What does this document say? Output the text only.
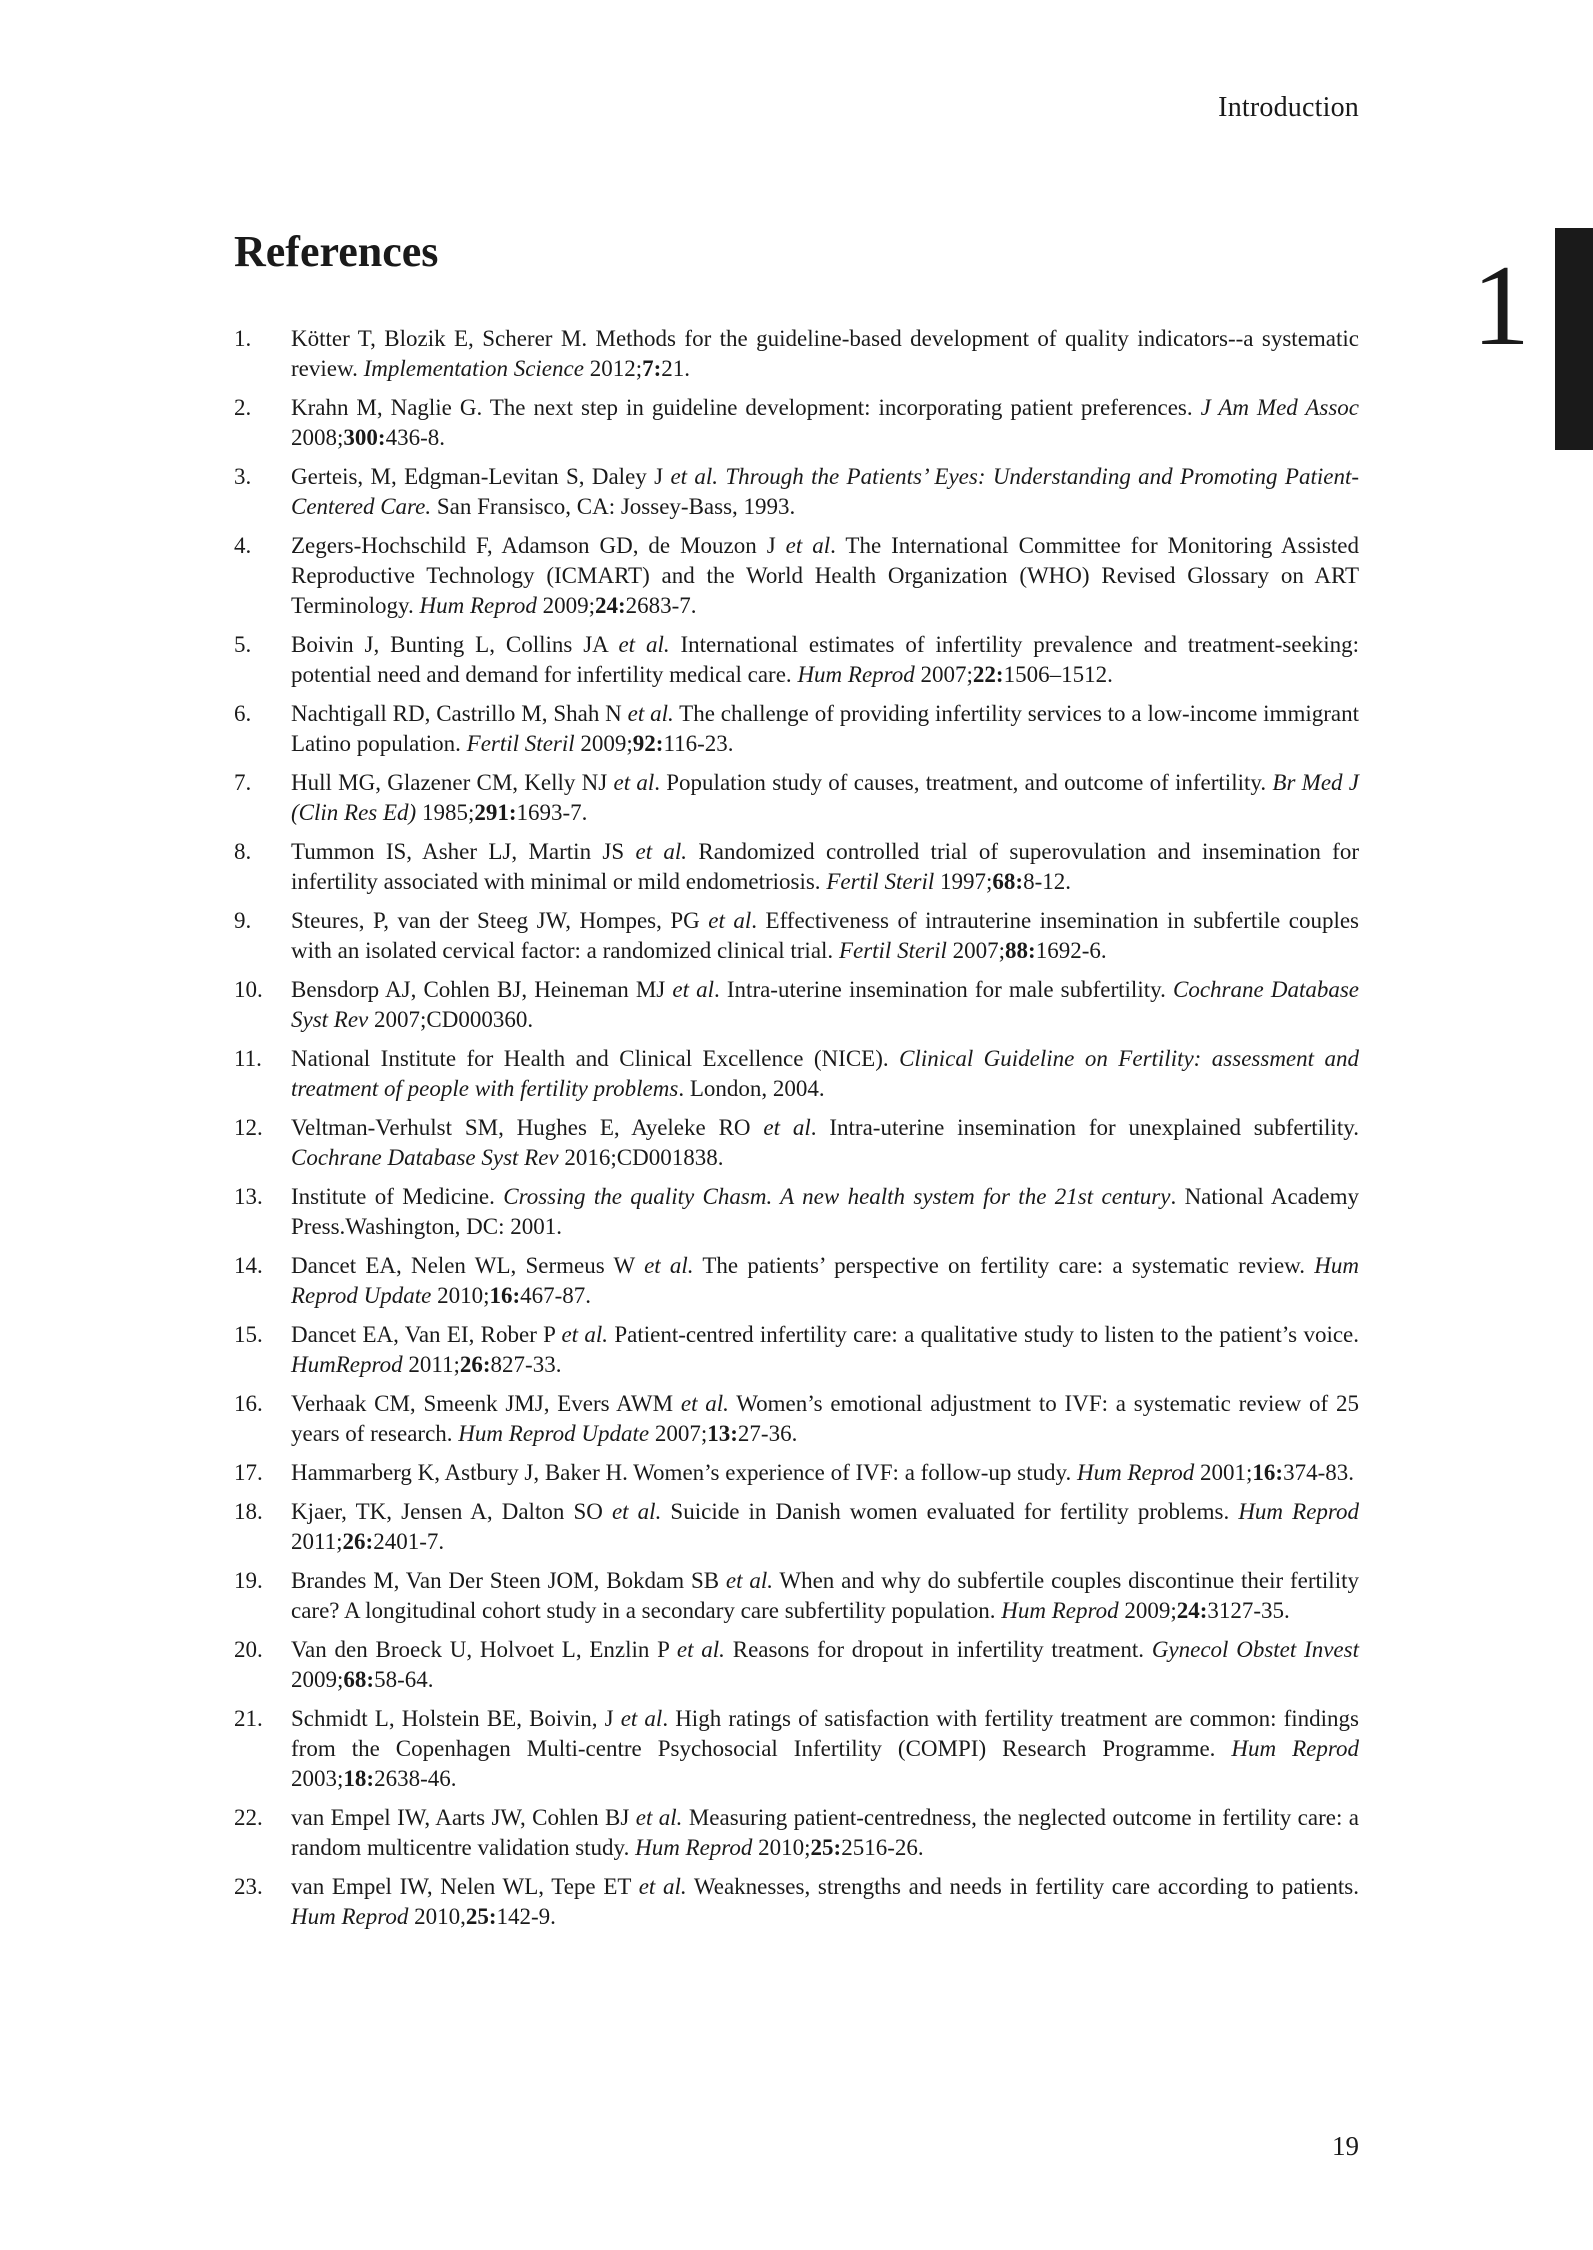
Introduction
1
References
1. Kötter T, Blozik E, Scherer M. Methods for the guideline-based development of quality indicators--a systematic review. Implementation Science 2012;7:21.
2. Krahn M, Naglie G. The next step in guideline development: incorporating patient preferences. J Am Med Assoc 2008;300:436-8.
3. Gerteis, M, Edgman-Levitan S, Daley J et al. Through the Patients’ Eyes: Understanding and Promoting Patient-Centered Care. San Fransisco, CA: Jossey-Bass, 1993.
4. Zegers-Hochschild F, Adamson GD, de Mouzon J et al. The International Committee for Monitoring Assisted Reproductive Technology (ICMART) and the World Health Organization (WHO) Revised Glossary on ART Terminology. Hum Reprod 2009;24:2683-7.
5. Boivin J, Bunting L, Collins JA et al. International estimates of infertility prevalence and treatment-seeking: potential need and demand for infertility medical care. Hum Reprod 2007;22:1506–1512.
6. Nachtigall RD, Castrillo M, Shah N et al. The challenge of providing infertility services to a low-income immigrant Latino population. Fertil Steril 2009;92:116-23.
7. Hull MG, Glazener CM, Kelly NJ et al. Population study of causes, treatment, and outcome of infertility. Br Med J (Clin Res Ed) 1985;291:1693-7.
8. Tummon IS, Asher LJ, Martin JS et al. Randomized controlled trial of superovulation and insemination for infertility associated with minimal or mild endometriosis. Fertil Steril 1997;68:8-12.
9. Steures, P, van der Steeg JW, Hompes, PG et al. Effectiveness of intrauterine insemination in subfertile couples with an isolated cervical factor: a randomized clinical trial. Fertil Steril 2007;88:1692-6.
10. Bensdorp AJ, Cohlen BJ, Heineman MJ et al. Intra-uterine insemination for male subfertility. Cochrane Database Syst Rev 2007;CD000360.
11. National Institute for Health and Clinical Excellence (NICE). Clinical Guideline on Fertility: assessment and treatment of people with fertility problems. London, 2004.
12. Veltman-Verhulst SM, Hughes E, Ayeleke RO et al. Intra-uterine insemination for unexplained subfertility. Cochrane Database Syst Rev 2016;CD001838.
13. Institute of Medicine. Crossing the quality Chasm. A new health system for the 21st century. National Academy Press.Washington, DC: 2001.
14. Dancet EA, Nelen WL, Sermeus W et al. The patients’ perspective on fertility care: a systematic review. Hum Reprod Update 2010;16:467-87.
15. Dancet EA, Van EI, Rober P et al. Patient-centred infertility care: a qualitative study to listen to the patient’s voice. HumReprod 2011;26:827-33.
16. Verhaak CM, Smeenk JMJ, Evers AWM et al. Women’s emotional adjustment to IVF: a systematic review of 25 years of research. Hum Reprod Update 2007;13:27-36.
17. Hammarberg K, Astbury J, Baker H. Women’s experience of IVF: a follow-up study. Hum Reprod 2001;16:374-83.
18. Kjaer, TK, Jensen A, Dalton SO et al. Suicide in Danish women evaluated for fertility problems. Hum Reprod 2011;26:2401-7.
19. Brandes M, Van Der Steen JOM, Bokdam SB et al. When and why do subfertile couples discontinue their fertility care? A longitudinal cohort study in a secondary care subfertility population. Hum Reprod 2009;24:3127-35.
20. Van den Broeck U, Holvoet L, Enzlin P et al. Reasons for dropout in infertility treatment. Gynecol Obstet Invest 2009;68:58-64.
21. Schmidt L, Holstein BE, Boivin, J et al. High ratings of satisfaction with fertility treatment are common: findings from the Copenhagen Multi-centre Psychosocial Infertility (COMPI) Research Programme. Hum Reprod 2003;18:2638-46.
22. van Empel IW, Aarts JW, Cohlen BJ et al. Measuring patient-centredness, the neglected outcome in fertility care: a random multicentre validation study. Hum Reprod 2010;25:2516-26.
23. van Empel IW, Nelen WL, Tepe ET et al. Weaknesses, strengths and needs in fertility care according to patients. Hum Reprod 2010,25:142-9.
19
